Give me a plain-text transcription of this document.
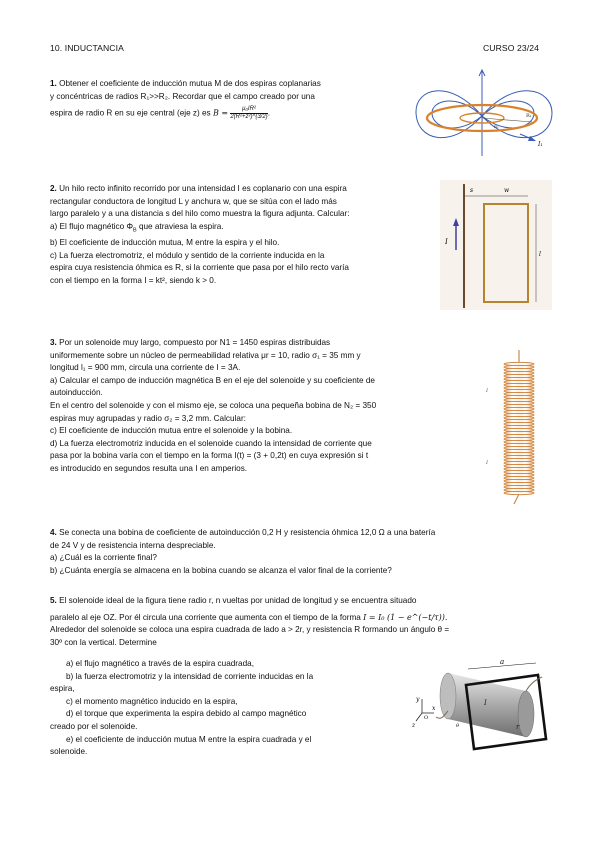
10. INDUCTANCIA	CURSO 23/24
1. Obtener el coeficiente de inducción mutua M de dos espiras coplanarias
y concéntricas de radios R₁>>R₂. Recordar que el campo creado por una
espira de radio R en su eje central (eje z) es $B = \frac{\text{μ₀IR²}}{\text{2(R²+z²)\textasciicircum{}\{3/2\}}}$ .	R₁
R₂
I₁
2. Un hilo recto infinito recorrido por una intensidad I es coplanario con una espira
rectangular conductora de longitud L y anchura w, que se sitúa con el lado más
largo paralelo y a una distancia s del hilo como muestra la figura adjunta. Calcular:
a) El flujo magnético $\Phi_B$ que atraviesa la espira.
b) El coeficiente de inducción mutua, M entre la espira y el hilo.
c) La fuerza electromotriz, el módulo y sentido de la corriente inducida en la
espira cuya resistencia óhmica es R, si la corriente que pasa por el hilo recto varía
con el tiempo en la forma I = kt², siendo k > 0.
I
s	w
l
3. Por un solenoide muy largo, compuesto por N1 = 1450 espiras distribuidas
uniformemente sobre un núcleo de permeabilidad relativa μr = 10, radio σ₁ = 35 mm y
longitud l₁ = 900 mm, circula una corriente de I = 3A.
a) Calcular el campo de inducción magnética B en el eje del solenoide y su coeficiente de
autoinducción.
En el centro del solenoide y con el mismo eje, se coloca una pequeña bobina de N₂ = 350
espiras muy agrupadas y radio σ₂ = 3,2 mm. Calcular:
c) El coeficiente de inducción mutua entre el solenoide y la bobina.
d) La fuerza electromotriz inducida en el solenoide cuando la intensidad de corriente que
pasa por la bobina varía con el tiempo en la forma I(t) = (3 + 0,2t) en cuya expresión si t
es introducido en segundos resulta una I en amperios.
I
I
4. Se conecta una bobina de coeficiente de autoinducción 0,2 H y resistencia óhmica 12,0 Ω a una batería
de 24 V y de resistencia interna despreciable.
a) ¿Cuál es la corriente final?
b) ¿Cuánta energía se almacena en la bobina cuando se alcanza el valor final de la corriente?
5. El solenoide ideal de la figura tiene radio r, n vueltas por unidad de longitud y se encuentra situado
paralelo al eje OZ. Por él circula una corriente que aumenta con el tiempo de la forma I = I₀ (1 − e^(−t/τ)).
Alrededor del solenoide se coloca una espira cuadrada de lado a > 2r, y resistencia R formando un ángulo θ =
30º con la vertical. Determine
a) el flujo magnético a través de la espira cuadrada,
b) la fuerza electromotriz y la intensidad de corriente inducidas en la
espira,
c) el momento magnético inducido en la espira,
d) el torque que experimenta la espira debido al campo magnético
creado por el solenoide.
e) el coeficiente de inducción mutua M entre la espira cuadrada y el
solenoide.
y
x
z
O
a
I
r
θ
